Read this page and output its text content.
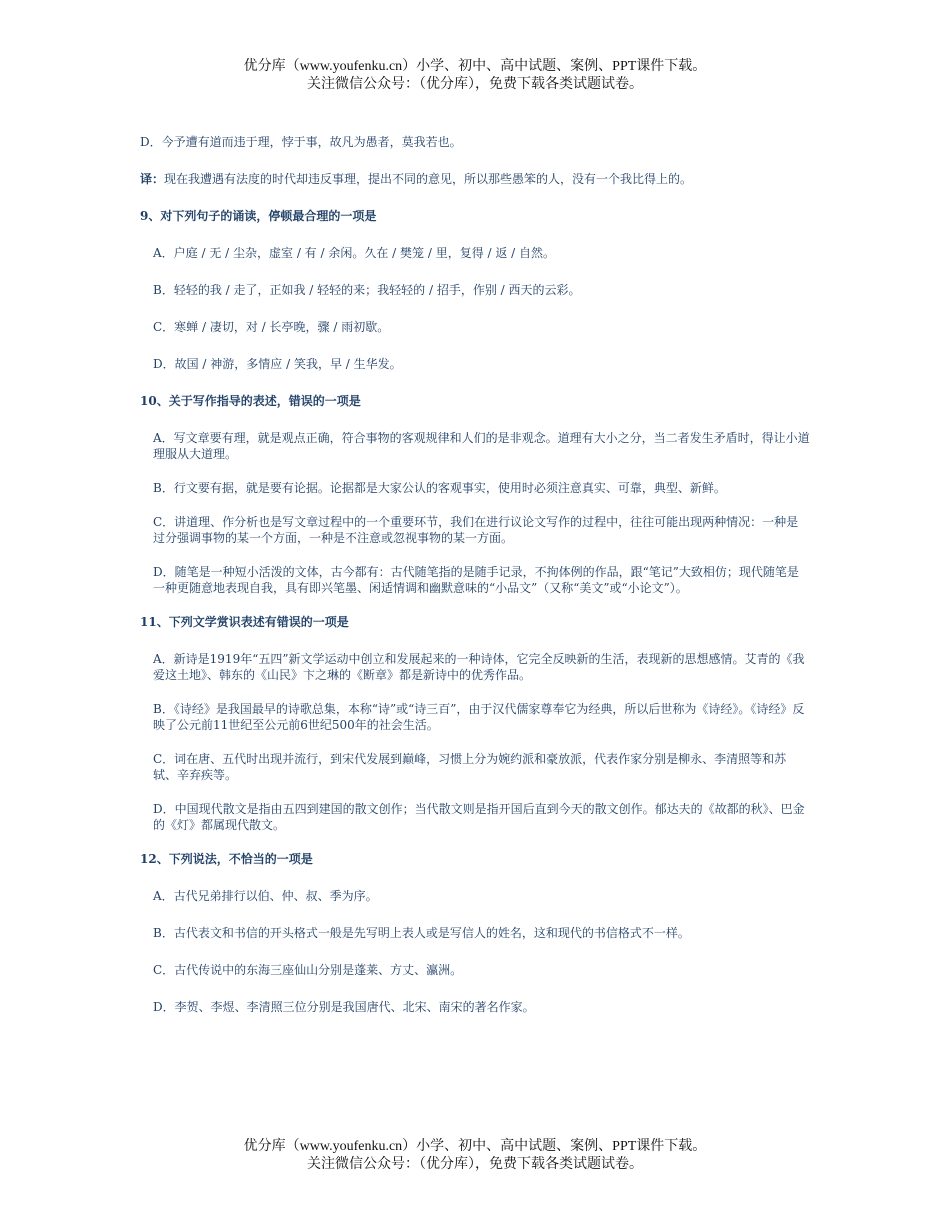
优分库（www.youfenku.cn）小学、初中、高中试题、案例、PPT课件下载。
关注微信公众号：（优分库），免费下载各类试题试卷。
D．今予遭有道而违于理，悖于事，故凡为愚者，莫我若也。
译：现在我遭遇有法度的时代却违反事理，提出不同的意见，所以那些愚笨的人，没有一个我比得上的。
9、对下列句子的诵读，停顿最合理的一项是
A．户庭 / 无 / 尘杂，虚室 / 有 / 余闲。久在 / 樊笼 / 里，复得 / 返 / 自然。
B．轻轻的我 / 走了，正如我 / 轻轻的来；我轻轻的 / 招手，作别 / 西天的云彩。
C．寒蝉 / 凄切，对 / 长亭晚，骤 / 雨初歇。
D．故国 / 神游，多情应 / 笑我，早 / 生华发。
10、关于写作指导的表述，错误的一项是
A．写文章要有理，就是观点正确，符合事物的客观规律和人们的是非观念。道理有大小之分，当二者发生矛盾时，得让小道理服从大道理。
B．行文要有据，就是要有论据。论据都是大家公认的客观事实，使用时必须注意真实、可靠，典型、新鲜。
C．讲道理、作分析也是写文章过程中的一个重要环节，我们在进行议论文写作的过程中，往往可能出现两种情况：一种是过分强调事物的某一个方面，一种是不注意或忽视事物的某一方面。
D．随笔是一种短小活泼的文体，古今都有：古代随笔指的是随手记录，不拘体例的作品，跟“笔记”大致相仿；现代随笔是一种更随意地表现自我，具有即兴笔墨、闲适情调和幽默意味的“小品文”（又称“美文”或“小论文”）。
11、下列文学赏识表述有错误的一项是
A．新诗是1919年“五四”新文学运动中创立和发展起来的一种诗体，它完全反映新的生活，表现新的思想感情。艾青的《我爱这土地》、韩东的《山民》卞之琳的《断章》都是新诗中的优秀作品。
B．《诗经》是我国最早的诗歌总集，本称“诗”或“诗三百”，由于汉代儒家尊奉它为经典，所以后世称为《诗经》。《诗经》反映了公元前11世纪至公元前6世纪500年的社会生活。
C．词在唐、五代时出现并流行，到宋代发展到巅峰，习惯上分为婉约派和豪放派，代表作家分别是柳永、李清照等和苏轼、辛弃疾等。
D．中国现代散文是指由五四到建国的散文创作；当代散文则是指开国后直到今天的散文创作。郁达夫的《故都的秋》、巴金的《灯》都属现代散文。
12、下列说法，不恰当的一项是
A．古代兄弟排行以伯、仲、叔、季为序。
B．古代表文和书信的开头格式一般是先写明上表人或是写信人的姓名，这和现代的书信格式不一样。
C．古代传说中的东海三座仙山分别是蓬莱、方丈、瀛洲。
D．李贺、李煜、李清照三位分别是我国唐代、北宋、南宋的著名作家。
优分库（www.youfenku.cn）小学、初中、高中试题、案例、PPT课件下载。
关注微信公众号：（优分库），免费下载各类试题试卷。
